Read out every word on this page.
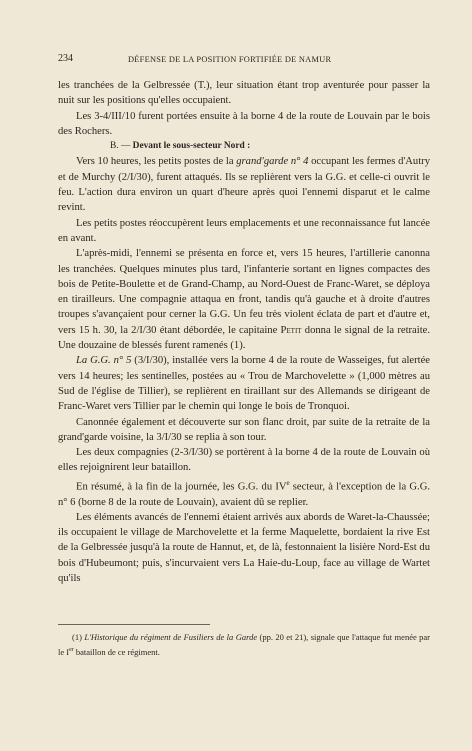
234	DÉFENSE DE LA POSITION FORTIFIÉE DE NAMUR

les tranchées de la Gelbressée (T.), leur situation étant trop aventurée pour passer la nuit sur les positions qu'elles occupaient.

Les 3-4/III/10 furent portées ensuite à la borne 4 de la route de Louvain par le bois des Rochers.

B. — Devant le sous-secteur Nord :

Vers 10 heures, les petits postes de la grand'garde n° 4 occupant les fermes d'Autry et de Murchy (2/I/30), furent attaqués. Ils se replièrent vers la G.G. et celle-ci ouvrit le feu. L'action dura environ un quart d'heure après quoi l'ennemi disparut et le calme revint.

Les petits postes réoccupèrent leurs emplacements et une reconnaissance fut lancée en avant.

L'après-midi, l'ennemi se présenta en force et, vers 15 heures, l'artillerie canonna les tranchées. Quelques minutes plus tard, l'infanterie sortant en lignes compactes des bois de Petite-Boulette et de Grand-Champ, au Nord-Ouest de Franc-Waret, se déploya en tirailleurs. Une compagnie attaqua en front, tandis qu'à gauche et à droite d'autres troupes s'avançaient pour cerner la G.G. Un feu très violent éclata de part et d'autre et, vers 15 h. 30, la 2/I/30 étant débordée, le capitaine Petit donna le signal de la retraite. Une douzaine de blessés furent ramenés (1).

La G.G. n° 5 (3/I/30), installée vers la borne 4 de la route de Wasseiges, fut alertée vers 14 heures; les sentinelles, postées au « Trou de Marchovelette » (1,000 mètres au Sud de l'église de Tillier), se replièrent en tiraillant sur des Allemands se dirigeant de Franc-Waret vers Tillier par le chemin qui longe le bois de Tronquoi.

Canonnée également et découverte sur son flanc droit, par suite de la retraite de la grand'garde voisine, la 3/I/30 se replia à son tour.

Les deux compagnies (2-3/I/30) se portèrent à la borne 4 de la route de Louvain où elles rejoignirent leur bataillon.

En résumé, à la fin de la journée, les G.G. du IVe secteur, à l'exception de la G.G. n° 6 (borne 8 de la route de Louvain), avaient dû se replier.

Les éléments avancés de l'ennemi étaient arrivés aux abords de Waret-la-Chaussée; ils occupaient le village de Marchovelette et la ferme Maquelette, bordaient la rive Est de la Gelbressée jusqu'à la route de Hannut, et, de là, festonnaient la lisière Nord-Est du bois d'Hubeumont; puis, s'incurvaient vers La Haie-du-Loup, face au village de Wartet qu'ils

(1) L'Historique du régiment de Fusiliers de la Garde (pp. 20 et 21), signale que l'attaque fut menée par le Ier bataillon de ce régiment.
